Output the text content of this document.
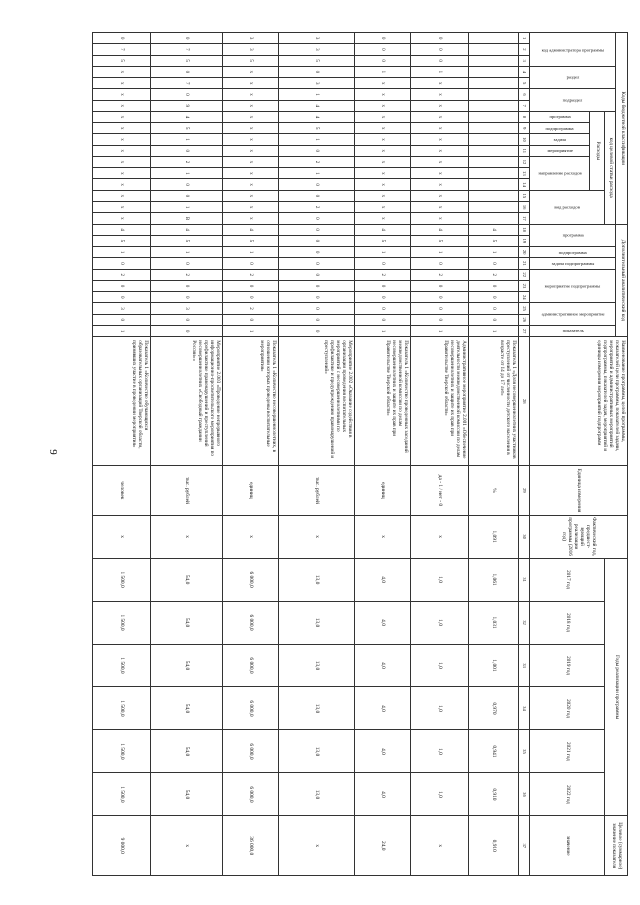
9
Коды бюджетной классификации																	Дополнительный аналитический код										Наименование программы, целей программы, показателей цели программы, показателей задачи, мероприятий и административных мероприятий подпрограммы, показателей задач, мероприятий и единицы измерения мероприятий подпрограмм	Единица измерения	Фактический год, предшест-вующий реализации программы (2016 год)	Годы реализации программы						Целевое (суммарное) значение показателя
код администратора программы			раздел		подраздел		код целевой статьи расхода										программа		подпрограмма	задача подпрограммы	мероприятие подпрограммы			административное мероприятие		показатель										
							Расходы							вид расходов																2017 год	2018 год	2019 год	2020 год	2021 год	2022 год	значение
							программа	подпрограмма	задача	мероприятие	направление расходов																									
1	2	3	4	5	6	7	8	9	10	11	12	13	14	15	16	17	18	19	20	21	22	23	24	25	26	27	28	29	30	31	32	33	34	35	36	37
																	4	5	1	0	2	0	0	0	0	1	Показатель 1 «Доля несовершеннолетних участников преступлений от численности детского населения в возрасте от 14 до 17 лет»	%	1,091	1,061	1,031	1,001	0,970	0,941	0,910	0,910
0	0	0	1	x	x	x	x	x	x	x	x	x	x	x	x	x	4	5	1	0	2	0	0	0	0	1	Административное мероприятие 2.001 «Обеспечение деятельности межведомственной комиссии по делам несовершеннолетних и защите их прав при Правительстве Тверской области»	да - 1 / нет - 0	x	1,0	1,0	1,0	1,0	1,0	1,0	x
0	0	0	1	x	x	x	x	x	x	x	x	x	x	x	x	x	4	5	1	0	2	0	0	0	0	1	Показатель 1 «Количество проведенных заседаний межведомственной комиссии по делам несовершеннолетних и защите их прав при Правительстве Тверской области»	единиц	x	4,0	4,0	4,0	4,0	4,0	4,0	24,0
3	3	5	0	3	1	4	4	5	1	0	2	1	0	0	2	0	0	0	0	0	0	0	0	0	0	0	Мероприятие 2.002 «Оказание содействия в организации проведения воспитательных мероприятий с несовершеннолетними по профилактике и предупреждению правонарушений и преступлений»	тыс. рублей	x	13,0	13,0	13,0	13,0	13,0	13,0	x
3	3	5	x	x	x	x	x	x	x	x	x	x	x	x	x	x	4	5	1	0	2	0	0	2	0	1	Показатель 1 «Количество несовершеннолетних, в отношении которых проведены воспитательные мероприятия»	единиц	x	6 000,0	6 000,0	6 000,0	6 000,0	6 000,0	6 000,0	36 000,0
0	7	5	0	7	0	9	4	5	1	0	2	1	0	0	1	B	4	5	1	0	2	0	0	3	0	0	Мероприятие 2.003 «Проведение непрерывного информационно-просветительского мероприятия по профилактике правонарушений и преступлений несовершеннолетних «Свободный гражданин России»»	тыс. рублей	x	54,0	54,0	54,0	54,0	54,0	54,0	x
0	7	5	x	x	x	x	x	x	x	x	x	x	x	x	x	x	4	5	1	0	2	0	0	3	0	1	Показатель 1 «Количество обучающихся образовательных организаций Тверской области, принявших участие в проведении мероприятия»	человек	x	1 500,0	1 500,0	1 500,0	1 500,0	1 500,0	1 500,0	9 000,0
